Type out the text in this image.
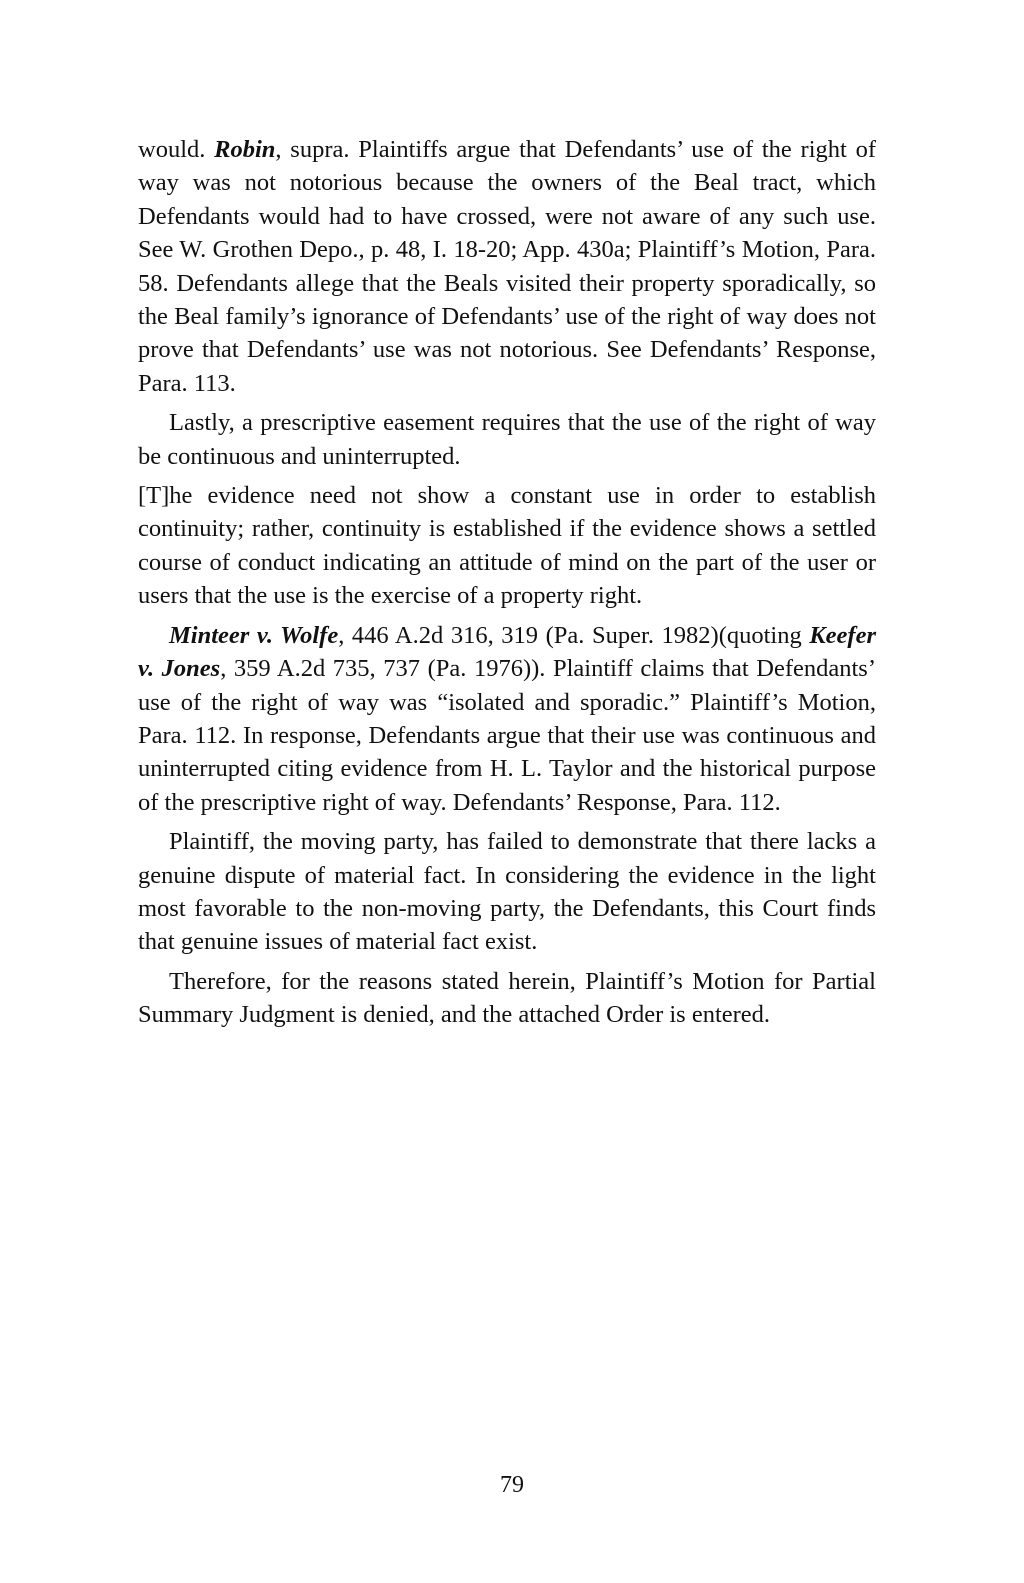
would. Robin, supra. Plaintiffs argue that Defendants’ use of the right of way was not notorious because the owners of the Beal tract, which Defendants would had to have crossed, were not aware of any such use. See W. Grothen Depo., p. 48, I. 18-20; App. 430a; Plaintiff’s Motion, Para. 58. Defendants allege that the Beals visited their property sporadically, so the Beal family’s ignorance of Defendants’ use of the right of way does not prove that Defendants’ use was not notorious. See Defendants’ Response, Para. 113.

Lastly, a prescriptive easement requires that the use of the right of way be continuous and uninterrupted.

[T]he evidence need not show a constant use in order to establish continuity; rather, continuity is established if the evidence shows a settled course of conduct indicating an attitude of mind on the part of the user or users that the use is the exercise of a property right.

Minteer v. Wolfe, 446 A.2d 316, 319 (Pa. Super. 1982)(quoting Keefer v. Jones, 359 A.2d 735, 737 (Pa. 1976)). Plaintiff claims that Defendants’ use of the right of way was “isolated and sporadic.” Plaintiff’s Motion, Para. 112. In response, Defendants argue that their use was continuous and uninterrupted citing evidence from H. L. Taylor and the historical purpose of the prescriptive right of way. Defendants’ Response, Para. 112.

Plaintiff, the moving party, has failed to demonstrate that there lacks a genuine dispute of material fact. In considering the evidence in the light most favorable to the non-moving party, the Defendants, this Court finds that genuine issues of material fact exist.

Therefore, for the reasons stated herein, Plaintiff’s Motion for Partial Summary Judgment is denied, and the attached Order is entered.

79
